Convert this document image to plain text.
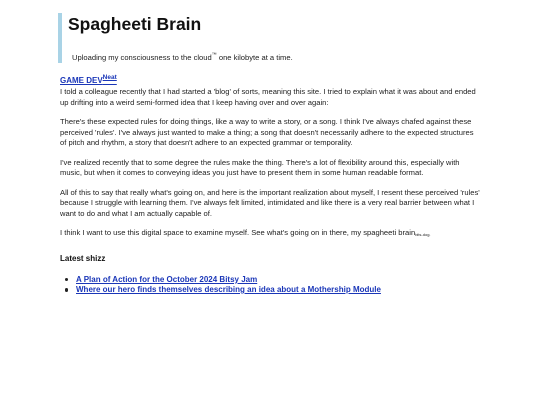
Spagheeti Brain
Uploading my consciousness to the cloud™ one kilobyte at a time.
GAME $DEV^{Neat}$

I told a colleague recently that I had started a 'blog' of sorts, meaning this site. I tried to explain what it was about and ended up drifting into a weird semi-formed idea that I keep having over and over again:

There's these expected rules for doing things, like a way to write a story, or a song. I think I've always chafed against these perceived 'rules'. I've always just wanted to make a thing; a song that doesn't necessarily adhere to the expected structures of pitch and rhythm, a story that doesn't adhere to an expected grammar or temporality.

I've realized recently that to some degree the rules make the thing. There's a lot of flexibility around this, especially with music, but when it comes to conveying ideas you just have to present them in some human readable format.

All of this to say that really what's going on, and here is the important realization about myself, I resent these perceived 'rules' because I struggle with learning them. I've always felt limited, intimidated and like there is a very real barrier between what I want to do and what I am actually capable of.

I think I want to use this digital space to examine myself. See what's going on in there, my spagheeti brainbits-dog.

Latest shizz
A Plan of Action for the October 2024 Bitsy Jam
Where our hero finds themselves describing an idea about a Mothership Module
